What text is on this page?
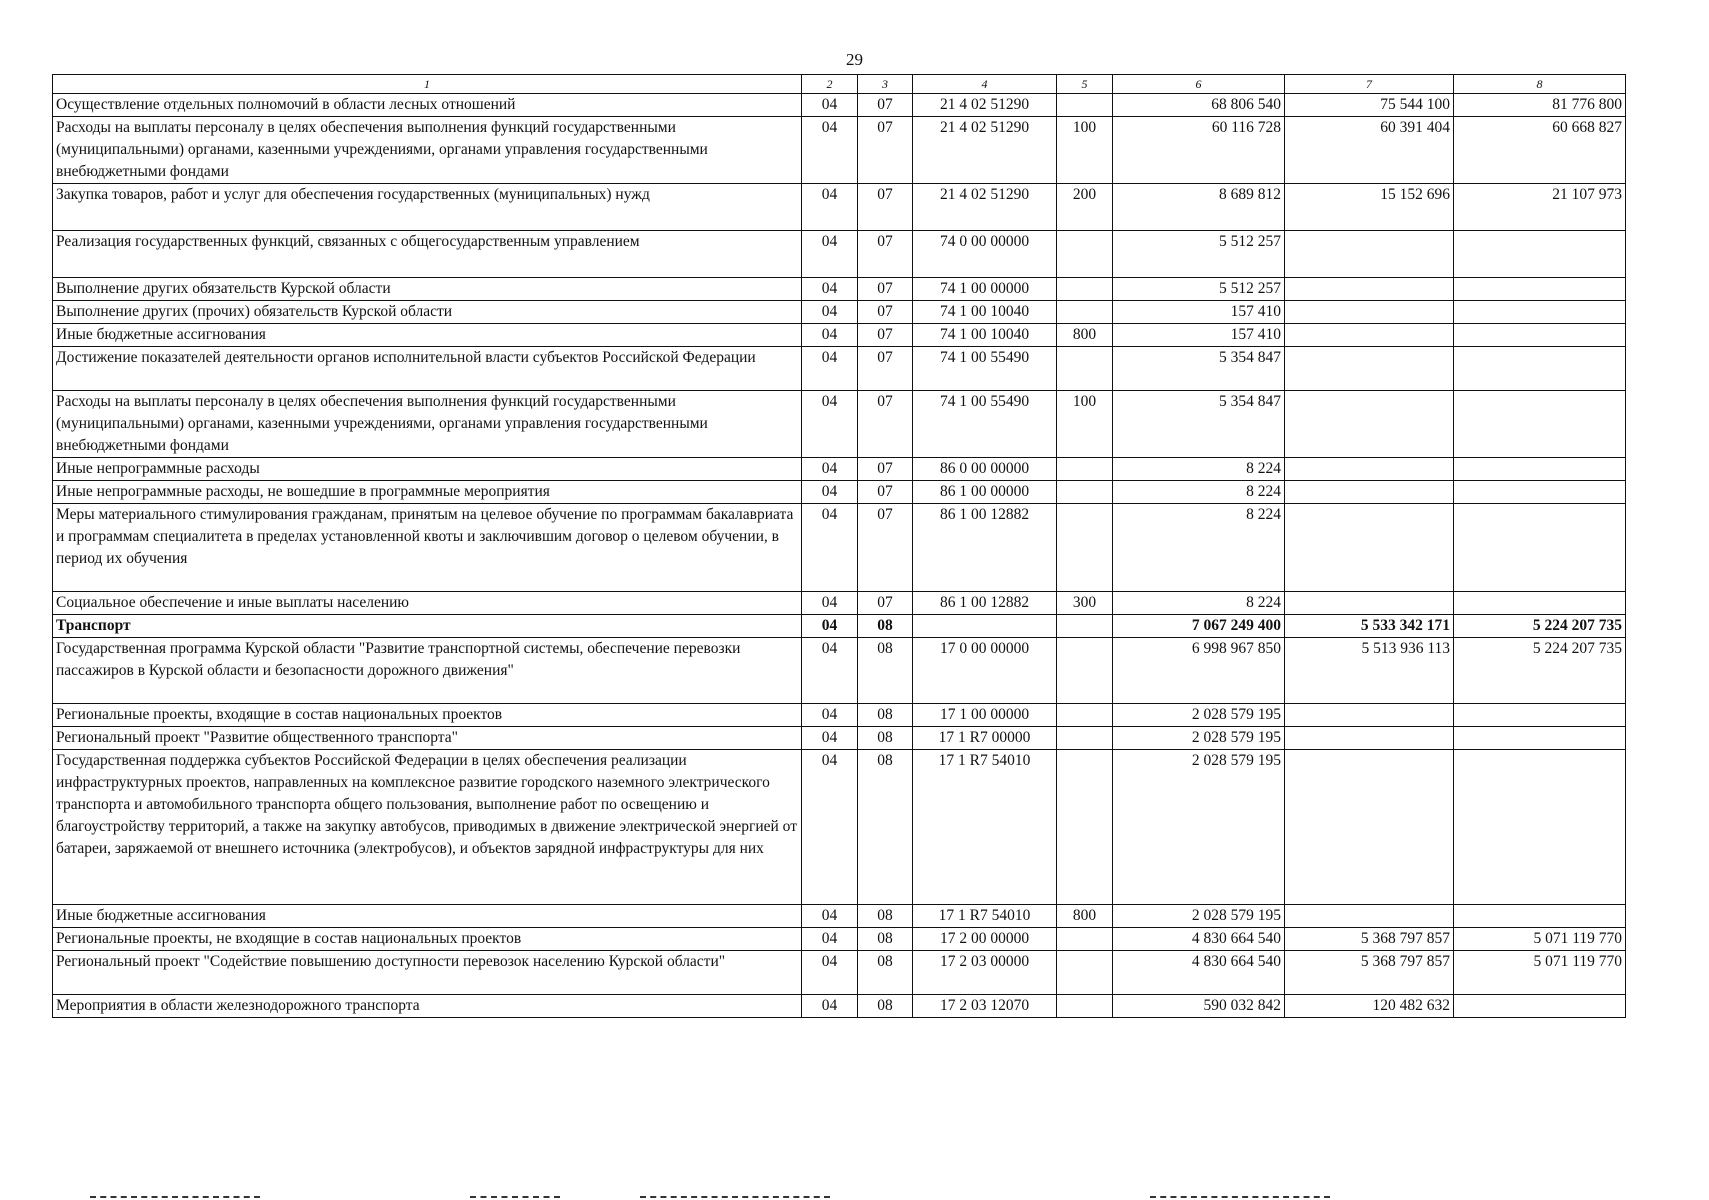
29
1	2	3	4	5	6	7	8
Осуществление отдельных полномочий в области лесных отношений	04	07	21 4 02 51290		68 806 540	75 544 100	81 776 800
Расходы на выплаты персоналу в целях обеспечения выполнения функций государственными (муниципальными) органами, казенными учреждениями, органами управления государственными внебюджетными фондами	04	07	21 4 02 51290	100	60 116 728	60 391 404	60 668 827
Закупка товаров, работ и услуг для обеспечения государственных (муниципальных) нужд	04	07	21 4 02 51290	200	8 689 812	15 152 696	21 107 973
Реализация государственных функций, связанных с общегосударственным управлением	04	07	74 0 00 00000		5 512 257		
Выполнение других обязательств Курской области	04	07	74 1 00 00000		5 512 257		
Выполнение других (прочих) обязательств Курской области	04	07	74 1 00 10040		157 410		
Иные бюджетные ассигнования	04	07	74 1 00 10040	800	157 410		
Достижение показателей деятельности органов исполнительной власти субъектов Российской Федерации	04	07	74 1 00 55490		5 354 847		
Расходы на выплаты персоналу в целях обеспечения выполнения функций государственными (муниципальными) органами, казенными учреждениями, органами управления государственными внебюджетными фондами	04	07	74 1 00 55490	100	5 354 847		
Иные непрограммные расходы	04	07	86 0 00 00000		8 224		
Иные непрограммные расходы, не вошедшие в программные мероприятия	04	07	86 1 00 00000		8 224		
Меры материального стимулирования гражданам, принятым на целевое обучение по программам бакалавриата и программам специалитета в пределах установленной квоты и заключившим договор о целевом обучении, в период их обучения	04	07	86 1 00 12882		8 224		
Социальное обеспечение и иные выплаты населению	04	07	86 1 00 12882	300	8 224		
Транспорт	04	08			7 067 249 400	5 533 342 171	5 224 207 735
Государственная программа Курской области "Развитие транспортной системы, обеспечение перевозки пассажиров в Курской области и безопасности дорожного движения"	04	08	17 0 00 00000		6 998 967 850	5 513 936 113	5 224 207 735
Региональные проекты, входящие в состав национальных проектов	04	08	17 1 00 00000		2 028 579 195		
Региональный проект "Развитие общественного транспорта"	04	08	17 1 R7 00000		2 028 579 195		
Государственная поддержка субъектов Российской Федерации в целях обеспечения реализации инфраструктурных проектов, направленных на комплексное развитие городского наземного электрического транспорта и автомобильного транспорта общего пользования, выполнение работ по освещению и благоустройству территорий, а также на закупку автобусов, приводимых в движение электрической энергией от батареи, заряжаемой от внешнего источника (электробусов), и объектов зарядной инфраструктуры для них	04	08	17 1 R7 54010		2 028 579 195		
Иные бюджетные ассигнования	04	08	17 1 R7 54010	800	2 028 579 195		
Региональные проекты, не входящие в состав национальных проектов	04	08	17 2 00 00000		4 830 664 540	5 368 797 857	5 071 119 770
Региональный проект "Содействие повышению доступности перевозок населению Курской области"	04	08	17 2 03 00000		4 830 664 540	5 368 797 857	5 071 119 770
Мероприятия в области железнодорожного транспорта	04	08	17 2 03 12070		590 032 842	120 482 632	
